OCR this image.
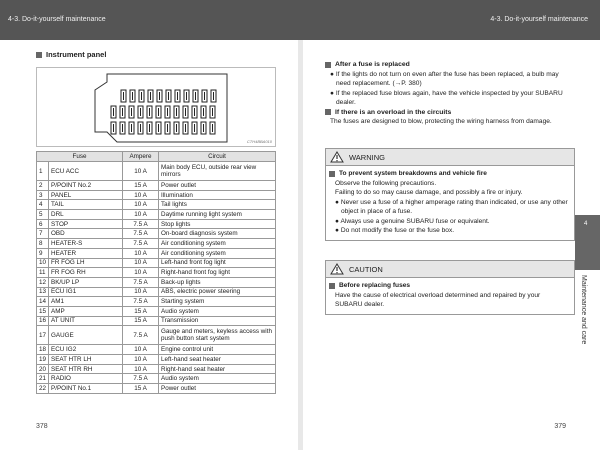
4-3. Do-it-yourself maintenance	4-3. Do-it-yourself maintenance
Instrument panel
CTH4BBA010
Fuse		Ampere	Circuit
1	ECU ACC	10 A	Main body ECU, outside rear view mirrors
2	P/POINT No.2	15 A	Power outlet
3	PANEL	10 A	Illumination
4	TAIL	10 A	Tail lights
5	DRL	10 A	Daytime running light system
6	STOP	7.5 A	Stop lights
7	OBD	7.5 A	On-board diagnosis system
8	HEATER-S	7.5 A	Air conditioning system
9	HEATER	10 A	Air conditioning system
10	FR FOG LH	10 A	Left-hand front fog light
11	FR FOG RH	10 A	Right-hand front fog light
12	BK/UP LP	7.5 A	Back-up lights
13	ECU IG1	10 A	ABS, electric power steering
14	AM1	7.5 A	Starting system
15	AMP	15 A	Audio system
16	AT UNIT	15 A	Transmission
17	GAUGE	7.5 A	Gauge and meters, keyless access with push button start system
18	ECU IG2	10 A	Engine control unit
19	SEAT HTR LH	10 A	Left-hand seat heater
20	SEAT HTR RH	10 A	Right-hand seat heater
21	RADIO	7.5 A	Audio system
22	P/POINT No.1	15 A	Power outlet
378
After a fuse is replaced
● If the lights do not turn on even after the fuse has been replaced, a bulb may need replacement. (→P. 380)
● If the replaced fuse blows again, have the vehicle inspected by your SUBARU dealer.
If there is an overload in the circuits
The fuses are designed to blow, protecting the wiring harness from damage.
WARNING
To prevent system breakdowns and vehicle fire
Observe the following precautions.
Failing to do so may cause damage, and possibly a fire or injury.
● Never use a fuse of a higher amperage rating than indicated, or use any other object in place of a fuse.
● Always use a genuine SUBARU fuse or equivalent.
● Do not modify the fuse or the fuse box.
CAUTION
Before replacing fuses
Have the cause of electrical overload determined and repaired by your SUBARU dealer.
4
Maintenance and care
379
